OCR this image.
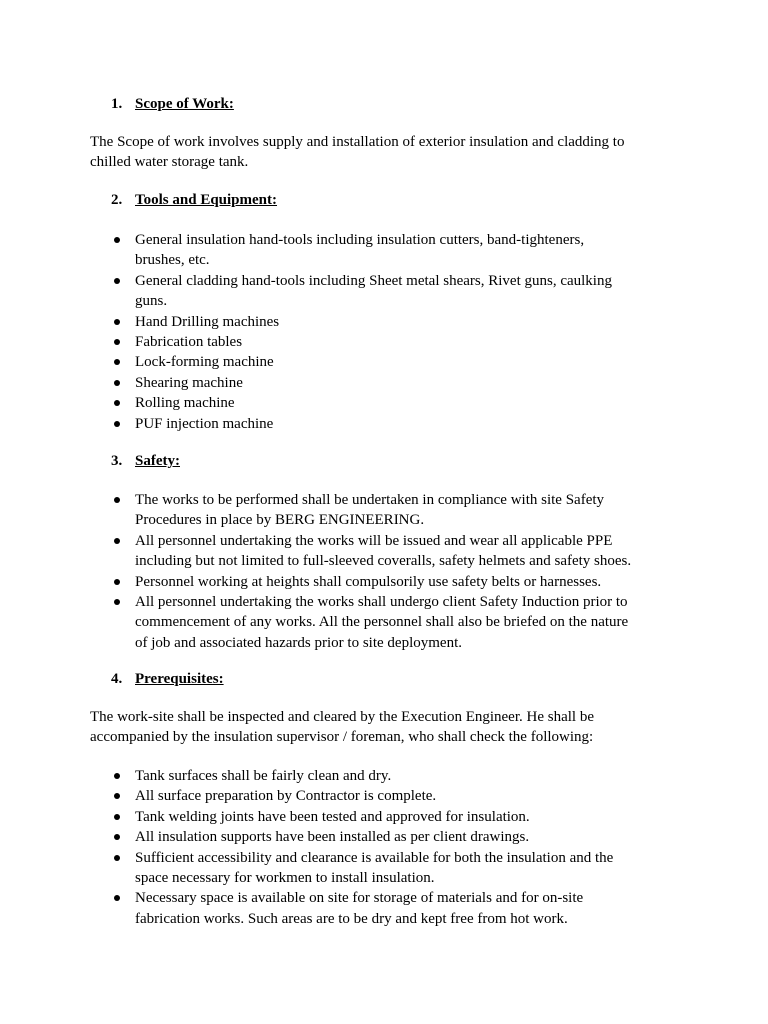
1. Scope of Work:

The Scope of work involves supply and installation of exterior insulation and cladding to
chilled water storage tank.

2. Tools and Equipment:
General insulation hand-tools including insulation cutters, band-tighteners,
brushes, etc.
General cladding hand-tools including Sheet metal shears, Rivet guns, caulking
guns.
Hand Drilling machines
Fabrication tables
Lock-forming machine
Shearing machine
Rolling machine
PUF injection machine
3. Safety:
The works to be performed shall be undertaken in compliance with site Safety
Procedures in place by BERG ENGINEERING.
All personnel undertaking the works will be issued and wear all applicable PPE
including but not limited to full-sleeved coveralls, safety helmets and safety shoes.
Personnel working at heights shall compulsorily use safety belts or harnesses.
All personnel undertaking the works shall undergo client Safety Induction prior to
commencement of any works. All the personnel shall also be briefed on the nature
of job and associated hazards prior to site deployment.
4. Prerequisites:

The work-site shall be inspected and cleared by the Execution Engineer. He shall be
accompanied by the insulation supervisor / foreman, who shall check the following:

Tank surfaces shall be fairly clean and dry.
All surface preparation by Contractor is complete.
Tank welding joints have been tested and approved for insulation.
All insulation supports have been installed as per client drawings.
Sufficient accessibility and clearance is available for both the insulation and the
space necessary for workmen to install insulation.
Necessary space is available on site for storage of materials and for on-site
fabrication works. Such areas are to be dry and kept free from hot work.
